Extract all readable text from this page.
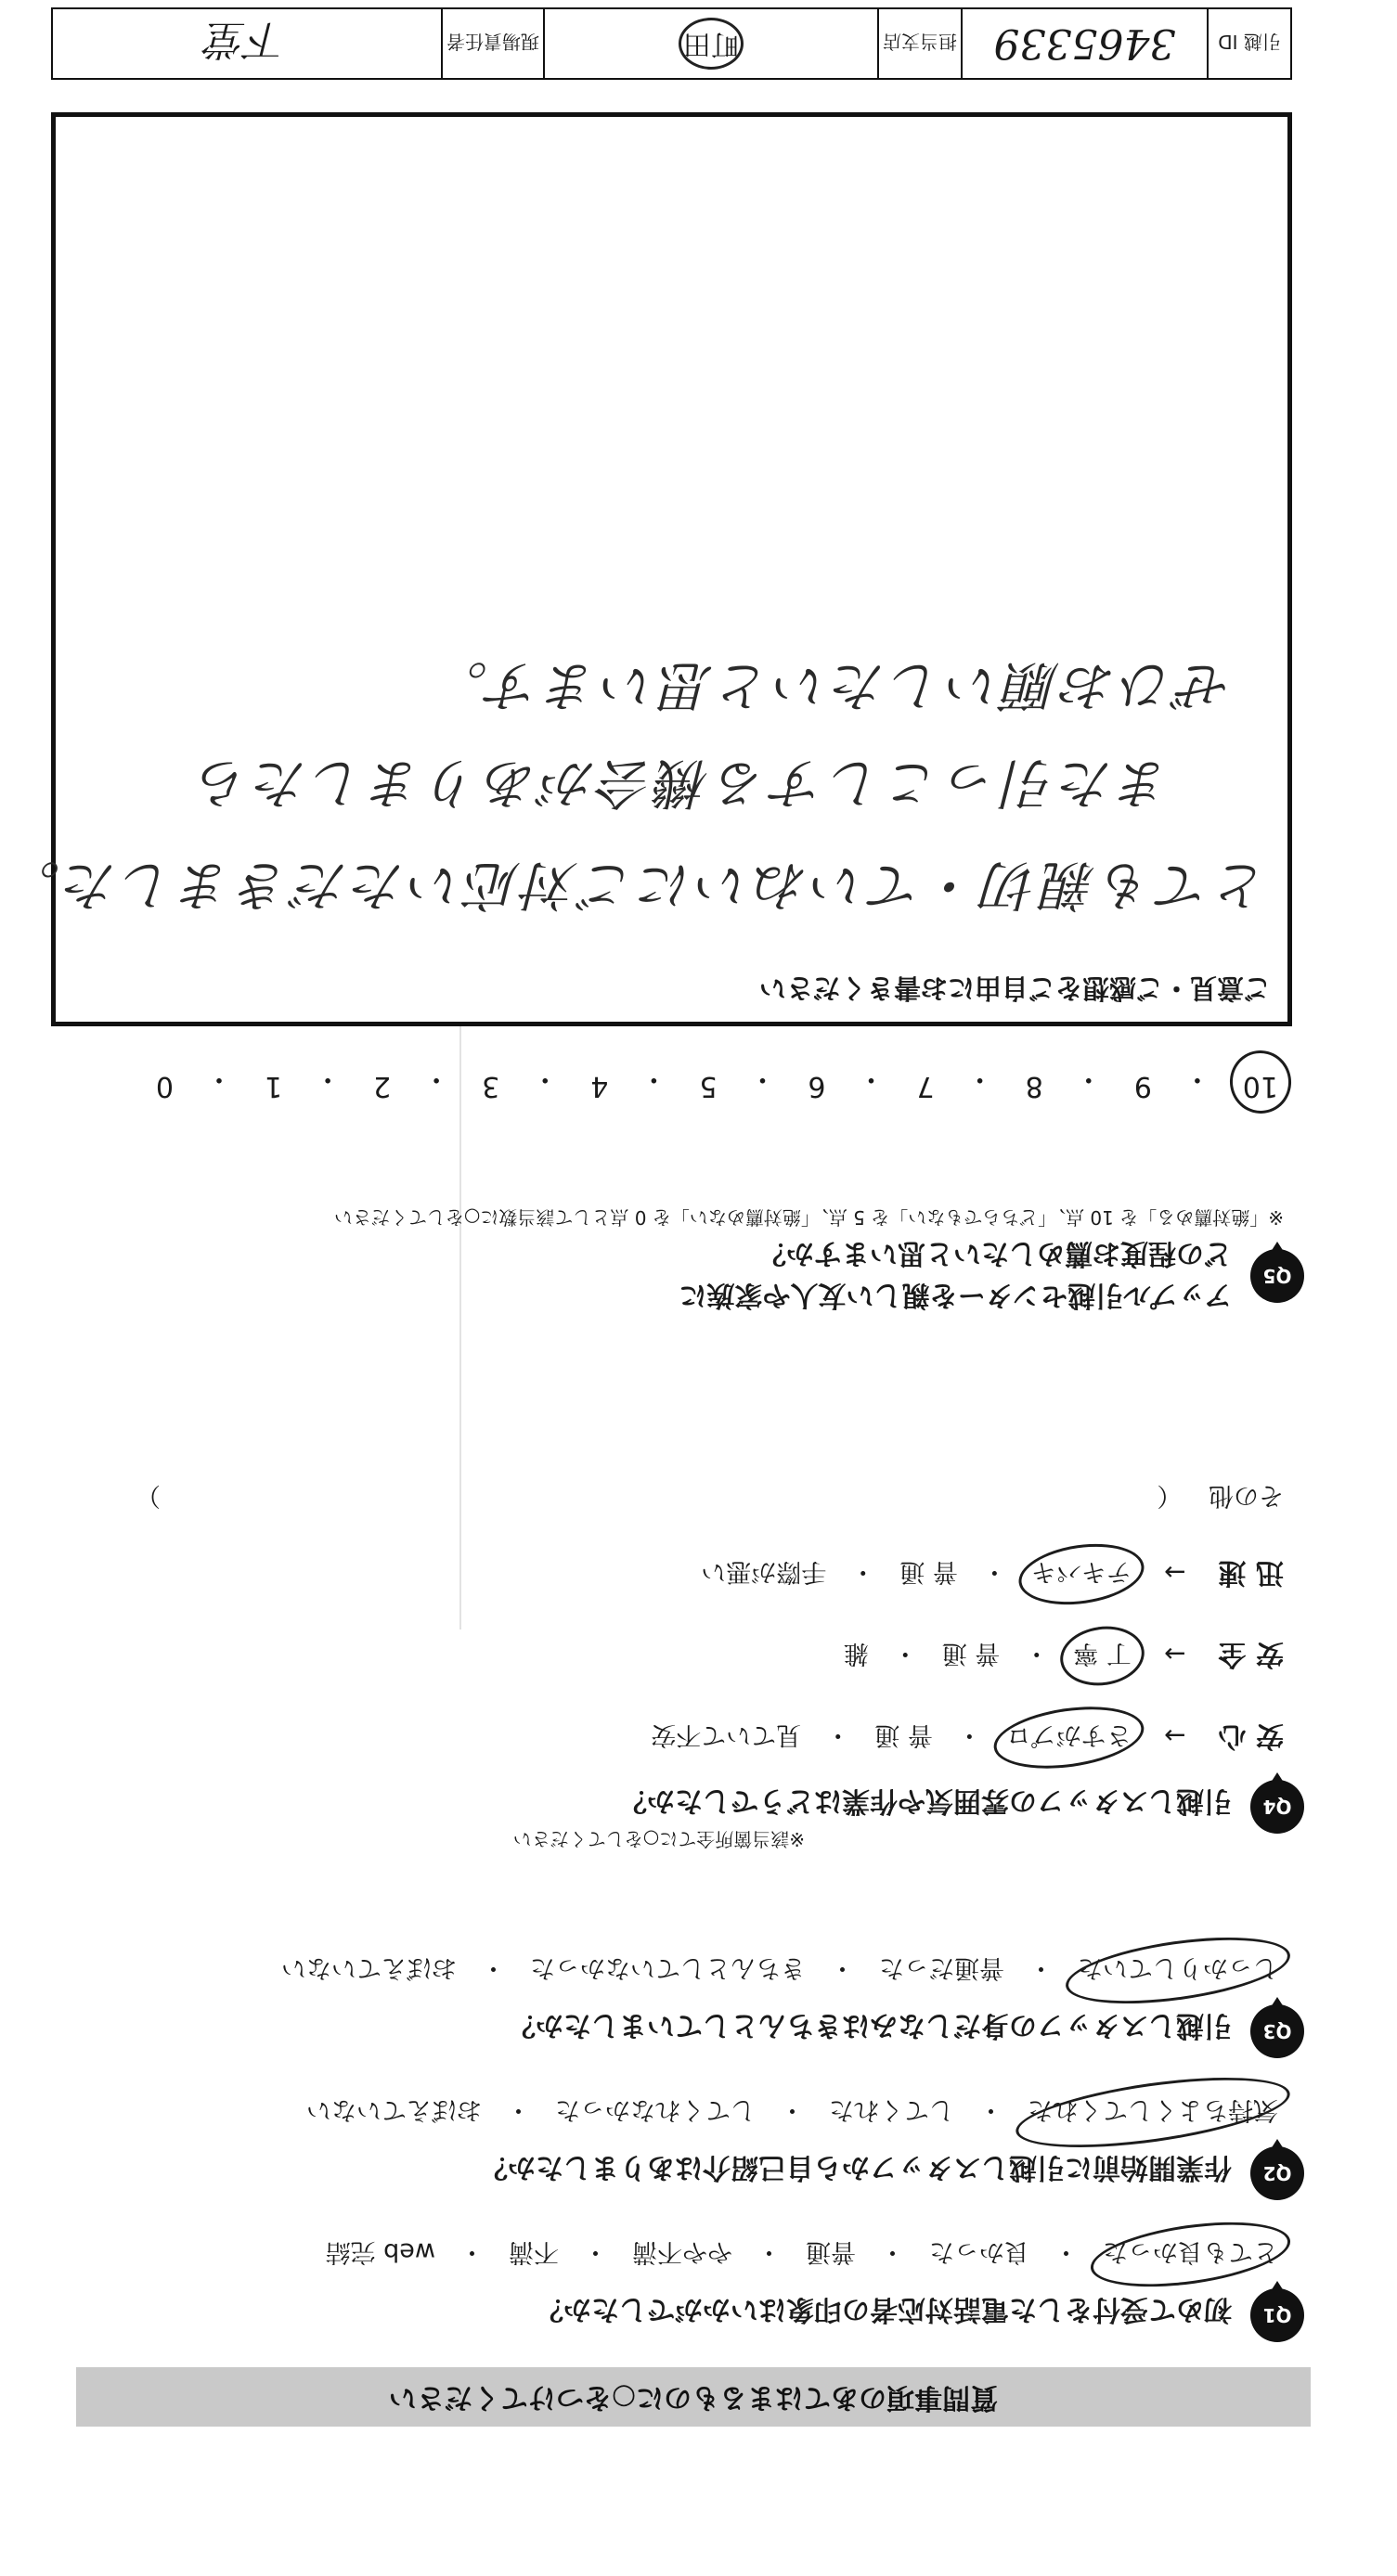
質問事項のあてはまるものに○をつけてください
Q1
初めて受付をした電話対応者の印象はいかがでしたか？
とても良かった
・
良かった
・
普通
・
やや不満
・
不満
・
web 完結
Q2
作業開始前に引越しスタッフから自己紹介はありましたか？
気持ちよくしてくれた
・
してくれた
・
してくれなかった
・
おぼえていない
Q3
引越しスタッフの身だしなみはきちんとしていましたか？
しっかりしていた
・
普通だった
・
きちんとしていなかった
・
おぼえていない
Q4
引越しスタッフの雰囲気や作業はどうでしたか？
※該当箇所全てに○をしてください
安 心 →
さすがプロ
・
普 通
・
見ていて不安
安 全 →
丁 寧
・
普 通
・
雑
迅 速 →
テキパキ
・
普 通
・
手際が悪い
その他 （
）
Q5
アップル引越センターを親しい友人や家族に
どの程度お薦めしたいと思いますか？
※「絶対薦める」を 10 点、「どちらでもない」を 5 点、「絶対薦めない」を 0 点として該当数に○をしてください
10
・
9
・
8
・
7
・
6
・
5
・
4
・
3
・
2
・
1
・
0
ご意見・ご感想をご自由にお書きください
とても親切・ていねいにご対応いただきました。
また引っこしする機会がありましたら
ぜひお願いしたいと思います。
引越 ID
3465339
担当支店
町田
現場責任者
下堂
